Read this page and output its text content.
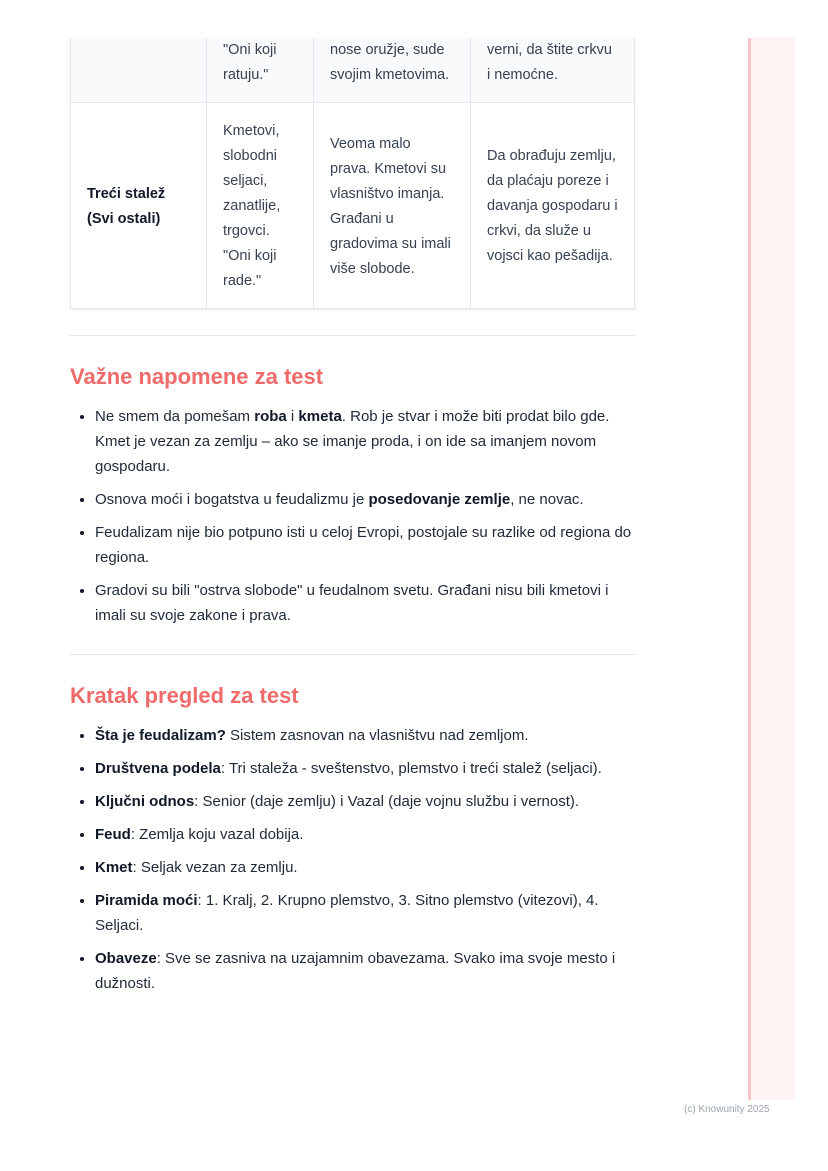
	"Oni koji ratuju."	nose oružje, sude svojim kmetovima.	verni, da štite crkvu i nemoćne.
Treći stalež (Svi ostali)	Kmetovi, slobodni seljaci, zanatlije, trgovci. "Oni koji rade."	Veoma malo prava. Kmetovi su vlasništvo imanja. Građani u gradovima su imali više slobode.	Da obrađuju zemlju, da plaćaju poreze i davanja gospodaru i crkvi, da služe u vojsci kao pešadija.
Važne napomene za test
• Ne smem da pomešam roba i kmeta. Rob je stvar i može biti prodat bilo gde. Kmet je vezan za zemlju – ako se imanje proda, i on ide sa imanjem novom gospodaru.
• Osnova moći i bogatstva u feudalizmu je posedovanje zemlje, ne novac.
• Feudalizam nije bio potpuno isti u celoj Evropi, postojale su razlike od regiona do regiona.
• Gradovi su bili "ostrva slobode" u feudalnom svetu. Građani nisu bili kmetovi i imali su svoje zakone i prava.
Kratak pregled za test
• Šta je feudalizam? Sistem zasnovan na vlasništvu nad zemljom.
• Društvena podela: Tri staleža - sveštenstvo, plemstvo i treći stalež (seljaci).
• Ključni odnos: Senior (daje zemlju) i Vazal (daje vojnu službu i vernost).
• Feud: Zemlja koju vazal dobija.
• Kmet: Seljak vezan za zemlju.
• Piramida moći: 1. Kralj, 2. Krupno plemstvo, 3. Sitno plemstvo (vitezovi), 4. Seljaci.
• Obaveze: Sve se zasniva na uzajamnim obavezama. Svako ima svoje mesto i dužnosti.
(c) Knowunity 2025
